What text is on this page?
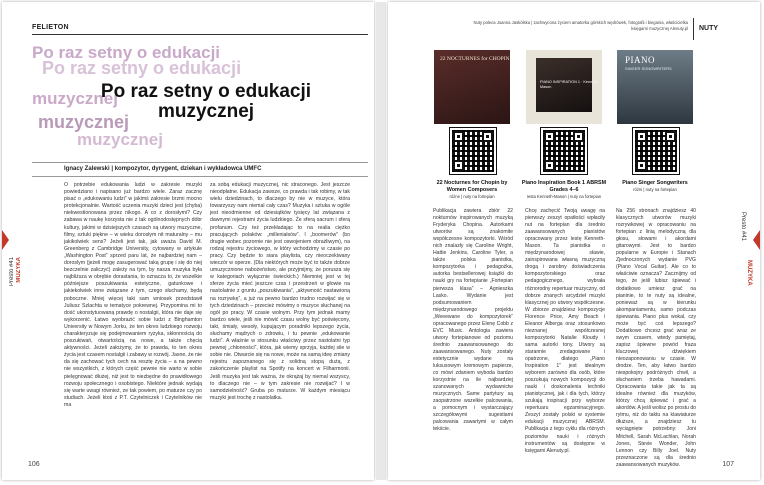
FELIETON
Po raz setny o edukacji
Po raz setny o edukacji
muzycznej
muzycznej
muzycznej
Po raz setny o edukacji
muzycznej
Ignacy Zalewski | kompozytor, dyrygent, dziekan i wykładowca UMFC
Presto #41 MUZYKA
O potrzebie edukowania ludzi w zakresie muzyki powiedziano i napisano już bardzo wiele. Zaraz zacznę pisać o „edukowaniu ludzi” w jakimś zakresie brzmi mocno protekcjonalnie. Wartość uczenia muzyki dzieci jest (chyba) niekwestionowana przez nikogo. A co z dorosłymi? Czy zabawa w naukę korzysta nie z tak ogólnodostępnych dóbr kultury, jakimi w dzisiejszych czasach są utwory muzyczne, filmy, sztuki piękne – w wieku dorosłym nit maturalny – mu jakikolwiek sens? Jeżeli jest tak, jak uważa David M. Greenberg z Cambridge University, cytowany w artykule „Washington Post” sprzed paru lat, że najbardziej nam – doroslym (jeżeli mogę zasugerować taką grupę i się do niej bezczelnie zaliczyć) zależy na tym, by nasza muzyka była najbliższa w obrębie dorastania, to oznacza to, że wszelkie późniejsze poszukiwania estetyczne, gatunkowe i jakiekolwiek inne związane z tym, czego słuchamy, będą poboczne. Mniej więcej taki sam wniosek przedstawił Juliusz Szlachta w tematyce pokrewnej. Przypomina mi to dość ukonstytuowaną prawdę o nostalgii, która nie daje się wykorzenić. Łatwo wyobrazić sobie ludzi z Binghamton University w Nowym Jorku, że ten okres ludzkiego rozwoju charakteryzuje się podejmowaniem ryzyka, skłonnością do poszukiwań, otwartością na nowe, a także chęcią aktywności. Jeżeli założymy, że to prawda, to ten okres życia jest czasem nostalgii i zabawy w rozwój. Jasne, że nie da się zachować tych cech na resztę życia – a na pewno nie wszystkich, z których część pewnie nie warto w sobie pielęgnować dłużej, niż jest to niezbędne do prawidłowego rozwoju społecznego i osobistego. Niektóre jednak wydają się warte uwagi również, ze tak powiem, po maturze czy po studiach. Jeżeli ktoś z P.T. Czytelniczek i Czytelników nie ma
za sobą edukacji muzycznej, nic straconego. Jest jeszcze nieodpłatne. Edukacja zawsze, co prawda i tak robimy, w tak wielu dziedzinach, to dlaczego by nie w muzyce, która towarzyszy nam niemal cały czas? Muzyka i sztuka w ogóle jest nieodmienne od dziesiątków tysięcy lat związana z dawnymi rejestrami życia ludzkiego. Że sferą sacrum i sferą profanum. Czy też przekładając to na realia ciężko pracujących polaków: „milleniałsów”. I „boomerów” (bo drugie wobec pozornie nie jest oswojeniem obrażliwym), na rodzaj rejestru życiowego, w który wchodzimy w czasie po pracy. Czy będzie to siara playlista, czy nieoczekiwany wieczór w operze. (Dla niektórych może być to także dobrze umuzycznione nabożeństwo, ale przyjmijmy, że porusza się w kategoriach wyłącznie świeckich.) Niemniej jest w tej sferze życia mieć jeszcze czas i przestrzeń w głowie na nastolatnie z gruntu „poszukiwania”, „aktywność nastawioną na rozrywkę”, a już na pewno bardzo trudno rozwijać się w tych dziedzinach – przecież mówimy o muzyce słuchanej na ogół po pracy. W czasie wolnym. Przy tym jednak mamy bardzo wiele, jeśli nie mówić czasu wolny być poświęcony, taki, śmiały, wesoły, kupującym poradniki lepszego życia, słuchamy mądrych o zdrowiu, i tu pewnie „edukowanie ludzi”. A właśnie w stosunku właściwy przez nastolatni typ pewnej „chłonności”, która, jak wiemy sprzyja, każdej sile w sobie nie. Otwarcie się na nowe, może na samą ideę zmiany rejestru zapoznanego się z solidną stopą dużą, z zakończenie playlist na Spotify na koncert w Filharmonii. Jeśli muzyka jest tak ważna, że okrążaj by niemal wszyscy, to dlaczego nie – w tym zakresie nie rozwijać? I w samodzielność? Gruba po maturze. W każdym miesiącu muzyki jest trochę z nastolatka.
106
Nuty poleca Joanna Jaskólska | zachwycona życiem amatorka górskich wędrówek, fotografii i biegania, właścicielka księgarni muzycznej Alenuty.pl NUTY
22 NOCTURNES for CHOPIN
PIANO INSPIRATION 1 · Kenneth-Mason
PIANO
SINGER SONGWRITERS
22 Nocturnes for Chopin by Women Composers
Piano Inspiration Book 1 ABRSM Grades 4–6
Piano Singer Songwriters
różne | nuty na fortepian	Iesta Kenneth-Mason | nuty na fortepian
różni | nuty na fortepian
Publikacja zawiera zbiór 22 nokturnów inspirowanych muzyką Fryderyka Chopina. Autorkami utworów są znakomite współczesne kompozytorki. Wśród nich znalazły się Caroline Wright, Hattie Jenkins, Caroline Tyler, a także polska pianistka, kompozytorka i pedagożka, autorka bestsellerowej książki do nauki gry na fortepianie „Fortepian pierwsza klasa” – Agnieszka Lasko. Wydanie jest podsumowaniem międzynarodowego projektu „Weeewane do kompozytorek” opracowanego przez Elenę Cobb z EVC Music. Antologia zawiera utwory fortepianowe od poziomu średnio zaawansowanego do zaawansowanego. Nuty zostały estetycznie wydane na luksusowym kremowym papierze, co mówi zdaniem wyboda bardzo korzystnie na ile najbardziej szanowanych wydawnictw muzycznych. Same partytury są zaopatrzone wszelkie palcowania, a pomocnym i wystarczający szczegółowymi sugestiami palcowania zawartymi w całym tekście.
Chcę zachęcić Twoją uwagę na pierwszy zeszyt opatłości wpłaciły nut na fortepian dla średnio zaawansowanych pianistów opracowany przez Iestę Kenneth-Mason. Ta pianistka o międzynarodowej sławie, zainspirowana własną muzyczną drogą i zarobny doświadczenia kompozytorskiego oraz pedagogicznego, wybrała różnorodny repertuar muzyczny, od dobrze znanych arcydzieł muzyki klasycznej po utwory współczesne. W zbiorze znajdziesz kompozycje Florence Price, Amy Beach i Eleanor Alberga oraz stosunkowo nieznanej współczesnej kompozytorki Natalie Kloudy i sama autorki tony. Utwory są starannie zredagowane i opatrzone, dlatego „Piano Inspiration 1” jest idealnym wyborem zarówno dla osób, które poszukują nowych kompozycji do nauki i doskonalenia techniki pianistycznej, jak i dla tych, którzy szukają inspiracji przy wyborze repertuaru egzaminacyjnego. Zeszyt zostały polski w systemie edukacji muzycznej ABRSM. Publikacja z tego cyklu dla różnych poziomów nauki i różnych instrumentów są dostępne w księgarni Alenuty.pl.
Na 256 stronach znajdziesz 40 klasycznych utworów muzyki rozrywkowej w opracowaniu na fortepian z linią melodyczną dla głosu, słowami i akordami gitarowymi. Jest to bardzo popularne w Europie i Stanach Zjednoczonych wydanie PVG (Piano Vocal Guitar). Ale co to właściwie oznacza? Zacznijmy od tego, że jeśli lubisz śpiewać i dodatkowo umiesz grać na pianinie, to te nuty są idealne, ponieważ są w kierunku akompaniamentu, samo podczas śpiewania. Piano plus wokal, czy może być coś lepszego? Dodatkowo chcesz grać wraz ze swym czasem, wtedy pamiętaj, zapisz śpiewne powód fraza kluczowej dźwiękiem nieozaponowaniu w czasie. W drodze. Ten, aby łatwo bardzo niespokojny podróżnych chwil, a słuchaniem trzeba hawadami. Opracowania takie jak ta są idealne również dla muzyków, którzy chcą śpiewać i grać a akordów. A jeśli wolisz po prostu do rytmu, niż do taktu na klawiaturze dłuższe, a znajdziesz tu wyciągnięte potrzebny: Joni Mitchell, Sarah McLachlan, Norah Jones, Stevie Wonder, John Lennon czy Billy Joel. Nuty przeznaczone są dla średnio zaawansowanych muzyków.
Presto #41
MUZYKA
107
